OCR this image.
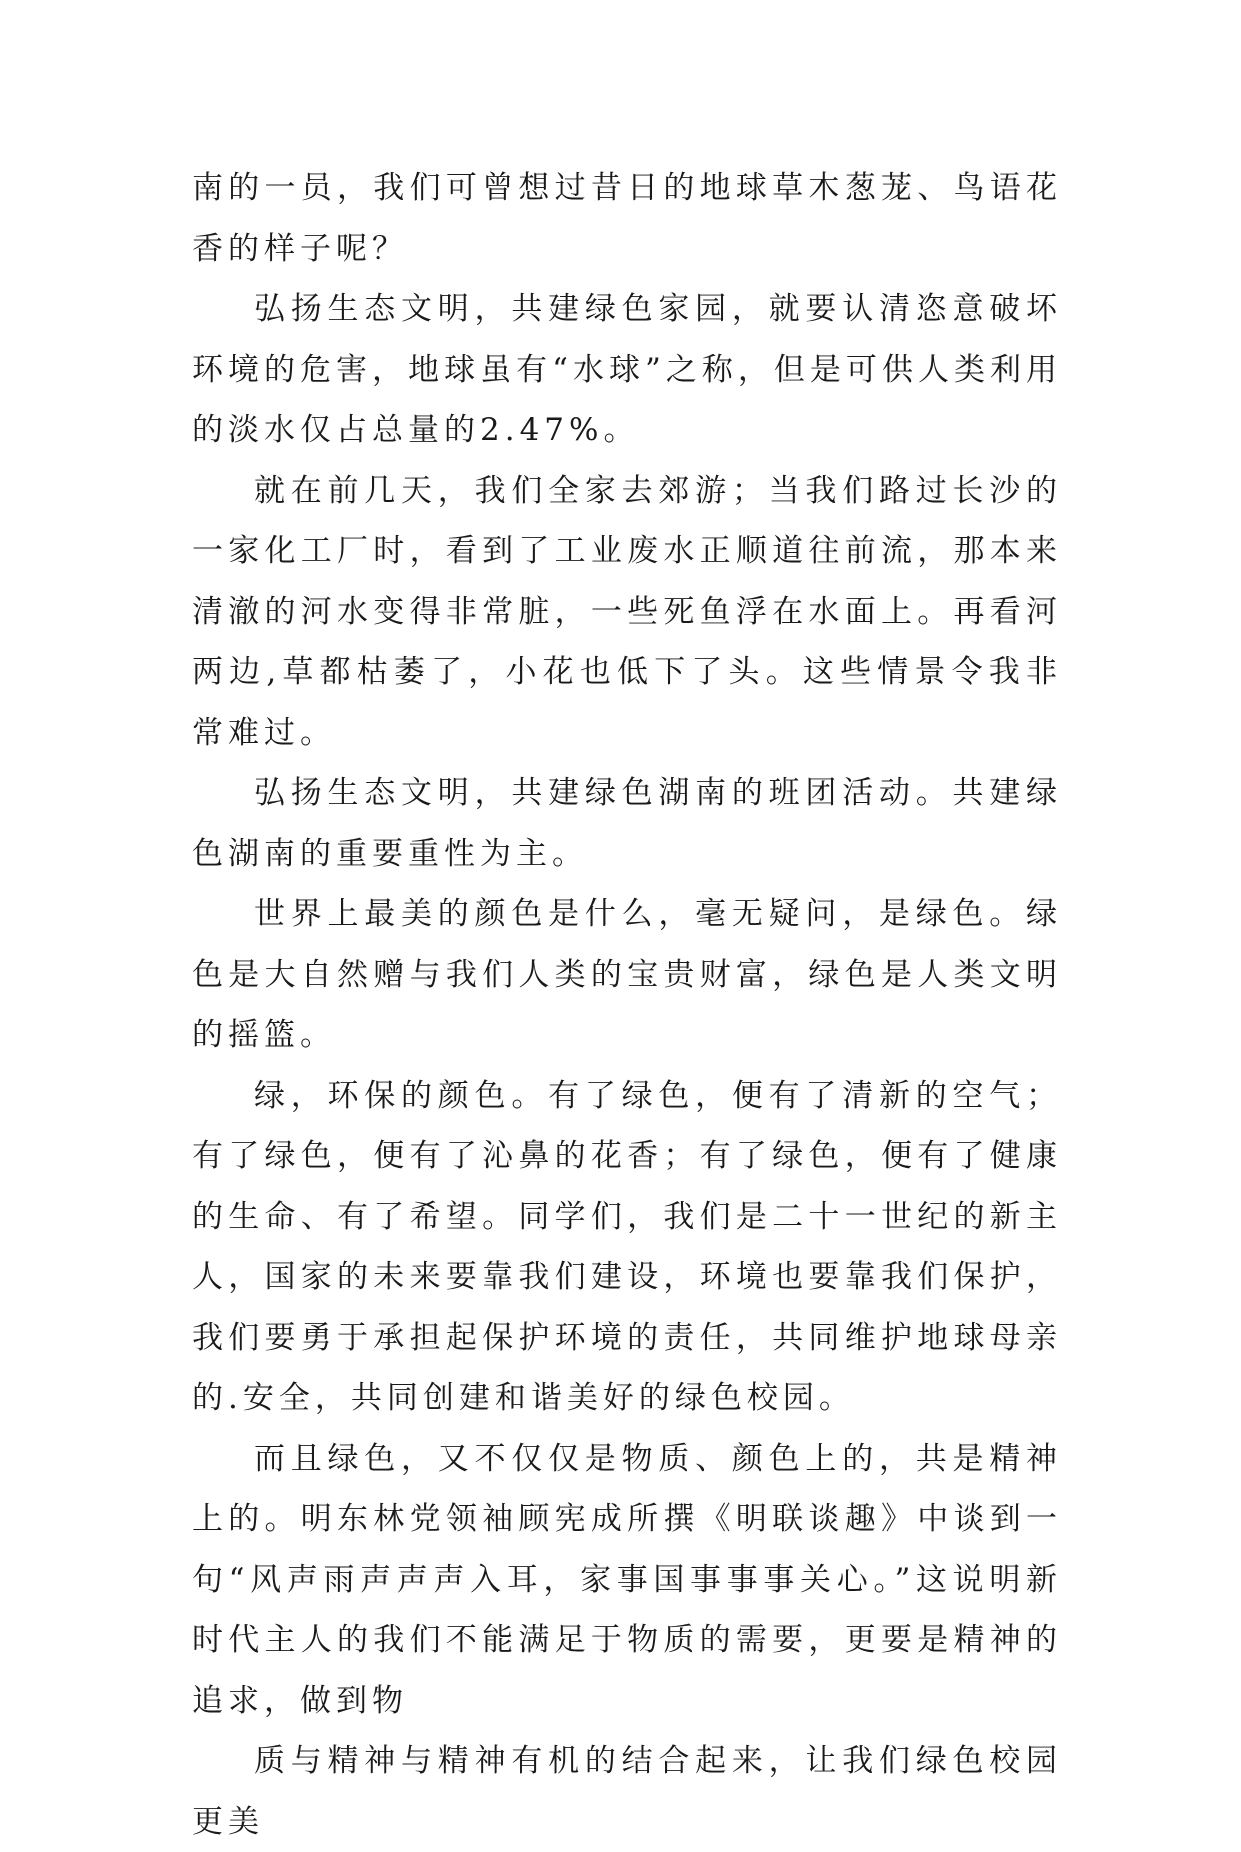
南的一员，我们可曾想过昔日的地球草木葱茏、鸟语花香的样子呢？

弘扬生态文明，共建绿色家园，就要认清恣意破坏环境的危害，地球虽有“水球”之称，但是可供人类利用的淡水仅占总量的2.47%。

就在前几天，我们全家去郊游；当我们路过长沙的一家化工厂时，看到了工业废水正顺道往前流，那本来清澈的河水变得非常脏，一些死鱼浮在水面上。再看河两边,草都枯萎了，小花也低下了头。这些情景令我非常难过。

弘扬生态文明，共建绿色湖南的班团活动。共建绿色湖南的重要重性为主。

世界上最美的颜色是什么，毫无疑问，是绿色。绿色是大自然赠与我们人类的宝贵财富，绿色是人类文明的摇篮。

绿，环保的颜色。有了绿色，便有了清新的空气；有了绿色，便有了沁鼻的花香；有了绿色，便有了健康的生命、有了希望。同学们，我们是二十一世纪的新主人，国家的未来要靠我们建设，环境也要靠我们保护，我们要勇于承担起保护环境的责任，共同维护地球母亲的.安全，共同创建和谐美好的绿色校园。

而且绿色，又不仅仅是物质、颜色上的，共是精神上的。明东林党领袖顾宪成所撰《明联谈趣》中谈到一句“风声雨声声声入耳，家事国事事事关心。”这说明新时代主人的我们不能满足于物质的需要，更要是精神的追求，做到物

质与精神与精神有机的结合起来，让我们绿色校园更美
